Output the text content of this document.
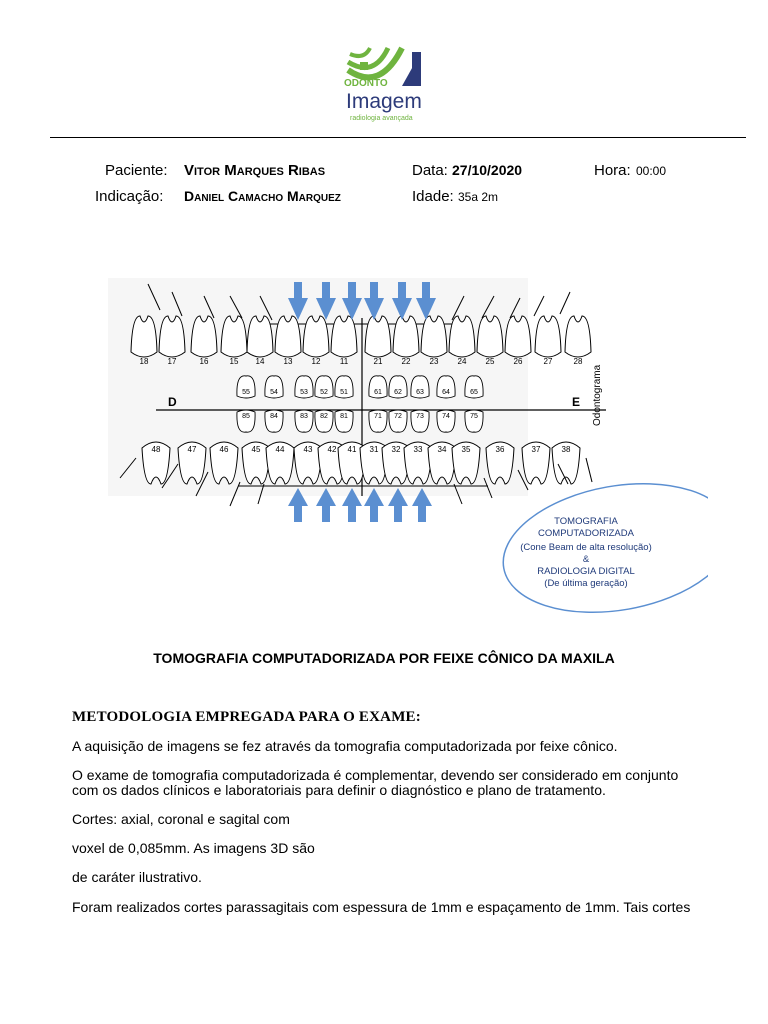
ODONTO
Imagem
radiologia avançada
Paciente: Vitor Marques Ribas	Data: 27/10/2020	Hora: 00:00
Indicação: Daniel Camacho Marquez	Idade: 35a 2m
18 17	16	15 14 13 12 11	21 22 23 24 25 26	27	28
55	54	53 52 51	61 62 63	64	65
85	84	83 82 81	71 72 73	74	75
48	47	46	45 44 43 42 41 31 32 33 34 35	36	37	38
D	E Odontograma
TOMOGRAFIA
COMPUTADORIZADA
(Cone Beam de alta resolução)
&
RADIOLOGIA DIGITAL
(De última geração)
TOMOGRAFIA COMPUTADORIZADA POR FEIXE CÔNICO DA MAXILA
METODOLOGIA EMPREGADA PARA O EXAME:
A aquisição de imagens se fez através da tomografia computadorizada por feixe cônico.
O exame de tomografia computadorizada é complementar, devendo ser considerado em conjunto
com os dados clínicos e laboratoriais para definir o diagnóstico e plano de tratamento.
Cortes: axial, coronal e sagital com
voxel de 0,085mm. As imagens 3D são
de caráter ilustrativo.
Foram realizados cortes parassagitais com espessura de 1mm e espaçamento de 1mm. Tais cortes
